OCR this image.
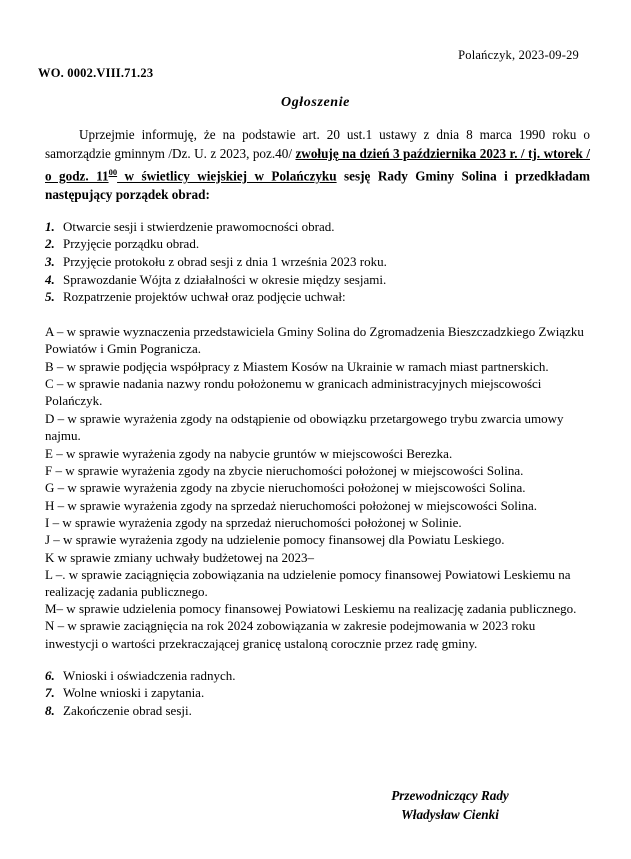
Polańczyk, 2023-09-29
WO. 0002.VIII.71.23
Ogłoszenie

Uprzejmie informuję, że na podstawie art. 20 ust.1 ustawy z dnia 8 marca 1990 roku o samorządzie gminnym /Dz. U. z 2023, poz.40/ zwołuję na dzień 3 października 2023 r. / tj. wtorek / o godz. $11^{00}$ w świetlicy wiejskiej w Polańczyku sesję Rady Gminy Solina i przedkładam następujący porządek obrad:

1. Otwarcie sesji i stwierdzenie prawomocności obrad.
2. Przyjęcie porządku obrad.
3. Przyjęcie protokołu z obrad sesji z dnia 1 września 2023 roku.
4. Sprawozdanie Wójta z działalności w okresie między sesjami.
5. Rozpatrzenie projektów uchwał oraz podjęcie uchwał:
A – w sprawie wyznaczenia przedstawiciela Gminy Solina do Zgromadzenia Bieszczadzkiego Związku Powiatów i Gmin Pogranicza.
B – w sprawie podjęcia współpracy z Miastem Kosów na Ukrainie w ramach miast partnerskich.
C – w sprawie nadania nazwy rondu położonemu w granicach administracyjnych miejscowości Polańczyk.
D – w sprawie wyrażenia zgody na odstąpienie od obowiązku przetargowego trybu zwarcia umowy najmu.
E – w sprawie wyrażenia zgody na nabycie gruntów w miejscowości Berezka.
F – w sprawie wyrażenia zgody na zbycie nieruchomości położonej w miejscowości Solina.
G – w sprawie wyrażenia zgody na zbycie nieruchomości położonej w miejscowości Solina.
H – w sprawie wyrażenia zgody na sprzedaż nieruchomości położonej w miejscowości Solina.
I – w sprawie wyrażenia zgody na sprzedaż nieruchomości położonej w Solinie.
J – w sprawie wyrażenia zgody na udzielenie pomocy finansowej dla Powiatu Leskiego.
K w sprawie zmiany uchwały budżetowej na 2023–
L –. w sprawie zaciągnięcia zobowiązania na udzielenie pomocy finansowej Powiatowi Leskiemu na realizację zadania publicznego.
M– w sprawie udzielenia pomocy finansowej Powiatowi Leskiemu na realizację zadania publicznego.
N – w sprawie zaciągnięcia na rok 2024 zobowiązania w zakresie podejmowania w 2023 roku inwestycji o wartości przekraczającej granicę ustaloną corocznie przez radę gminy.
6. Wnioski i oświadczenia radnych.
7. Wolne wnioski i zapytania.
8. Zakończenie obrad sesji.
Przewodniczący Rady
Władysław Cienki
